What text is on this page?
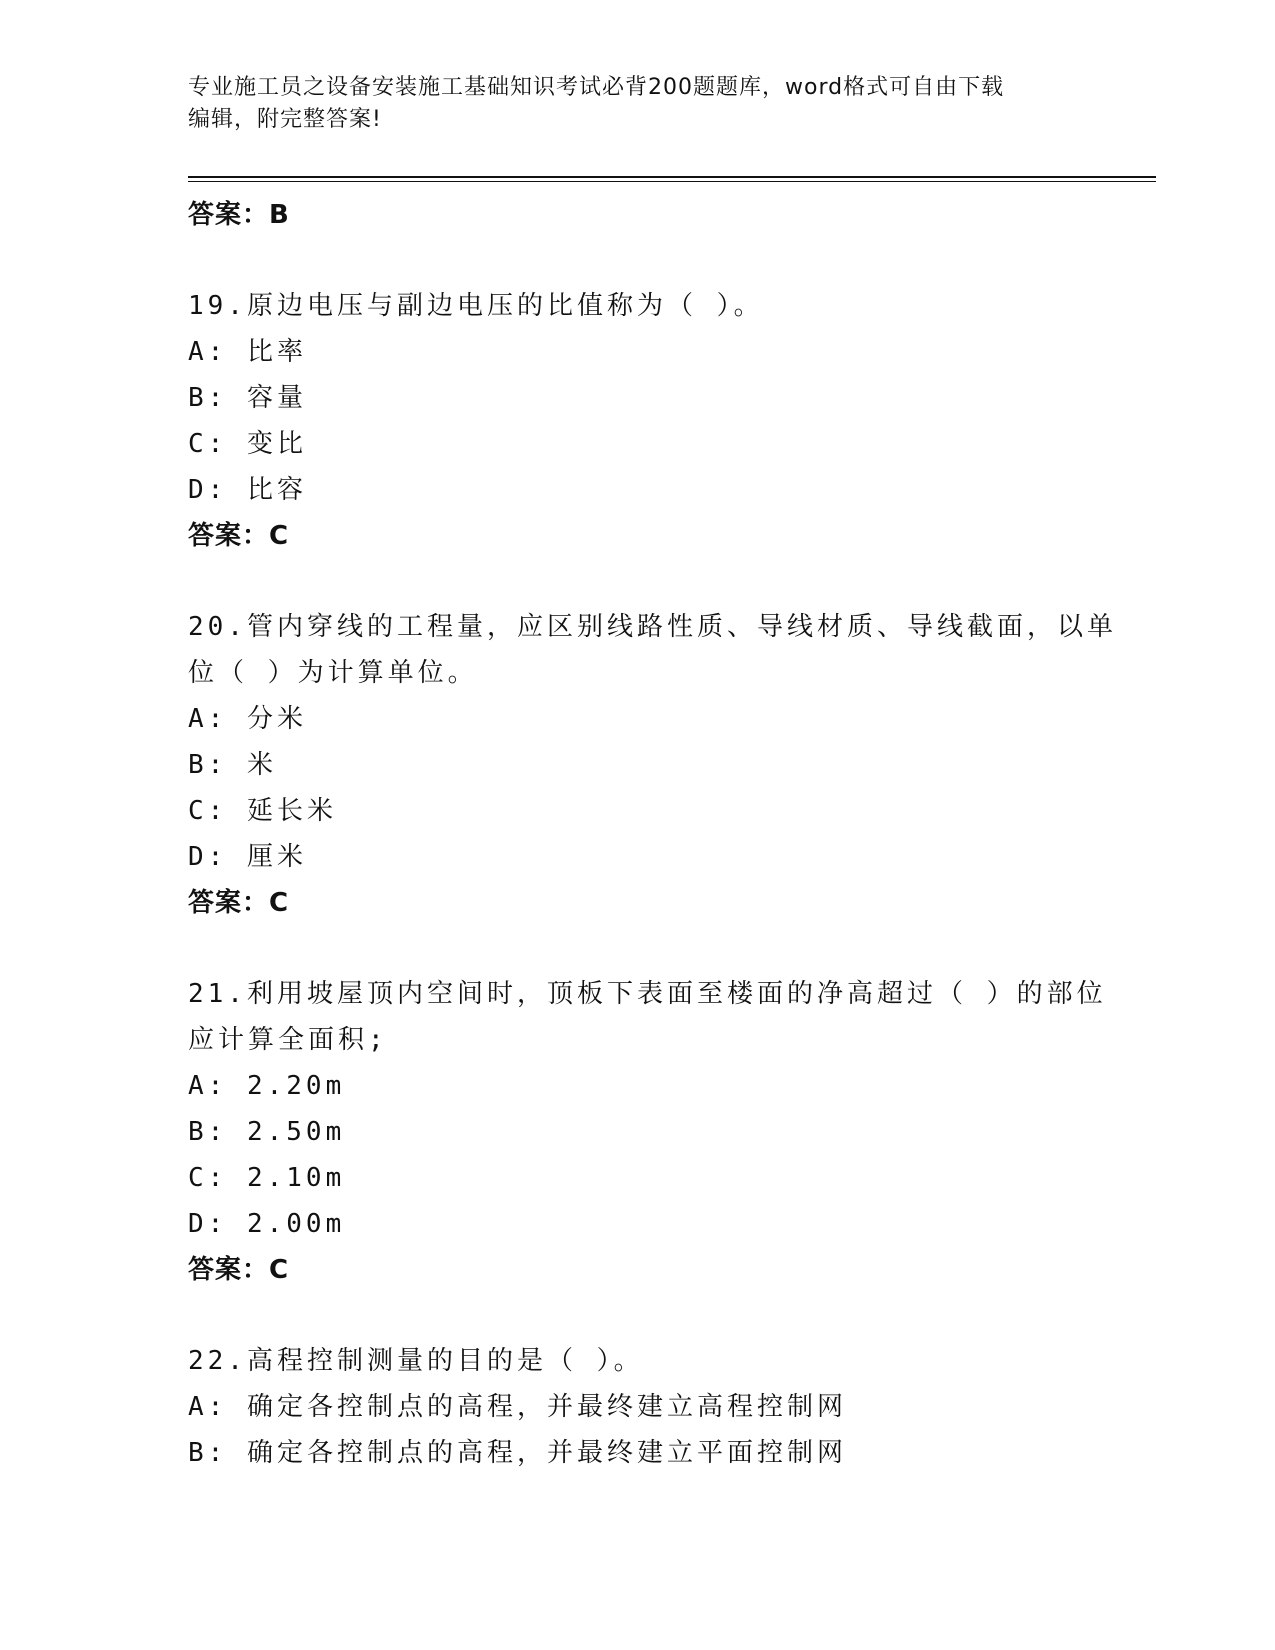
专业施工员之设备安装施工基础知识考试必背200题题库，word格式可自由下载
编辑，附完整答案!
答案：B
19.原边电压与副边电压的比值称为（ ）。
A: 比率
B: 容量
C: 变比
D: 比容
答案：C
20.管内穿线的工程量，应区别线路性质、导线材质、导线截面，以单
位（ ）为计算单位。
A: 分米
B: 米
C: 延长米
D: 厘米
答案：C
21.利用坡屋顶内空间时，顶板下表面至楼面的净高超过（ ）的部位
应计算全面积;
A: 2.20m
B: 2.50m
C: 2.10m
D: 2.00m
答案：C
22.高程控制测量的目的是（ ）。
A: 确定各控制点的高程，并最终建立高程控制网
B: 确定各控制点的高程，并最终建立平面控制网
